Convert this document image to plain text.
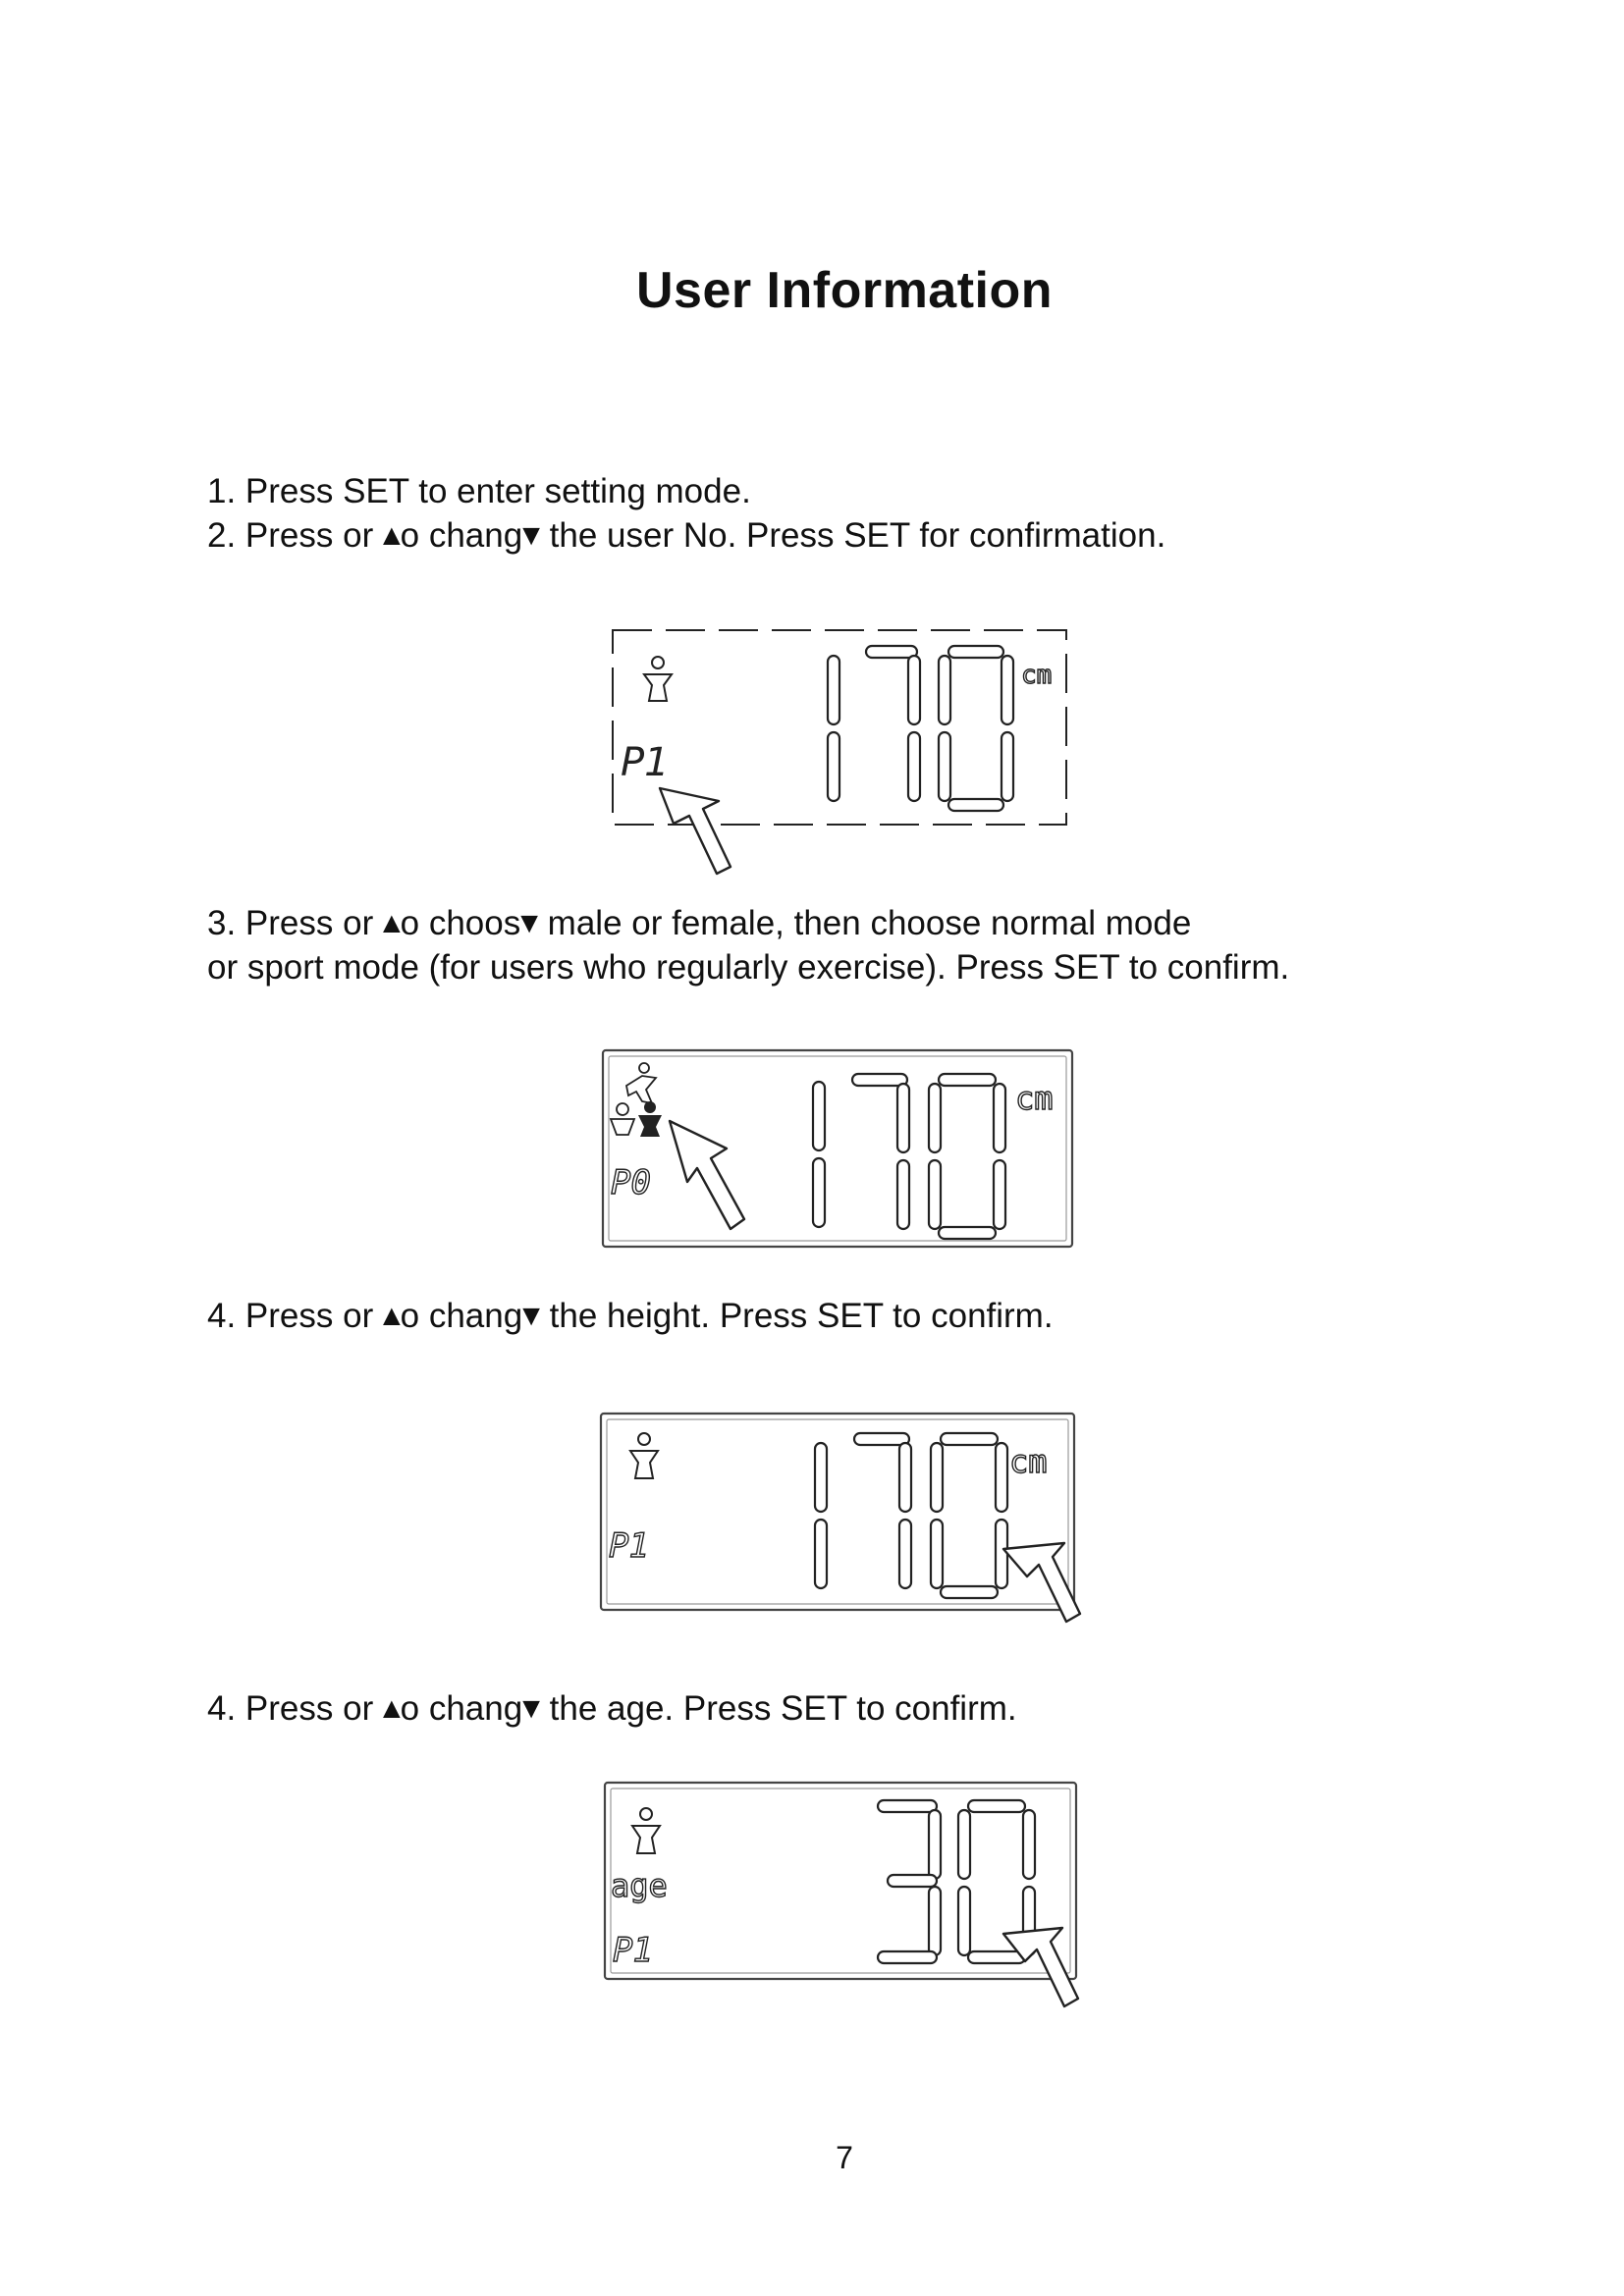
User Information
1. Press SET to enter setting mode.
2. Press or ▲o chang▼ the user No. Press SET for confirmation.
P1
cm
3. Press or ▲o choos▼ male or female, then choose normal mode
or sport mode (for users who regularly exercise). Press SET to confirm.
P0
cm
4. Press or ▲o chang▼ the height. Press SET to confirm.
P1
cm
4. Press or ▲o chang▼ the age. Press SET to confirm.
age
P1
7
